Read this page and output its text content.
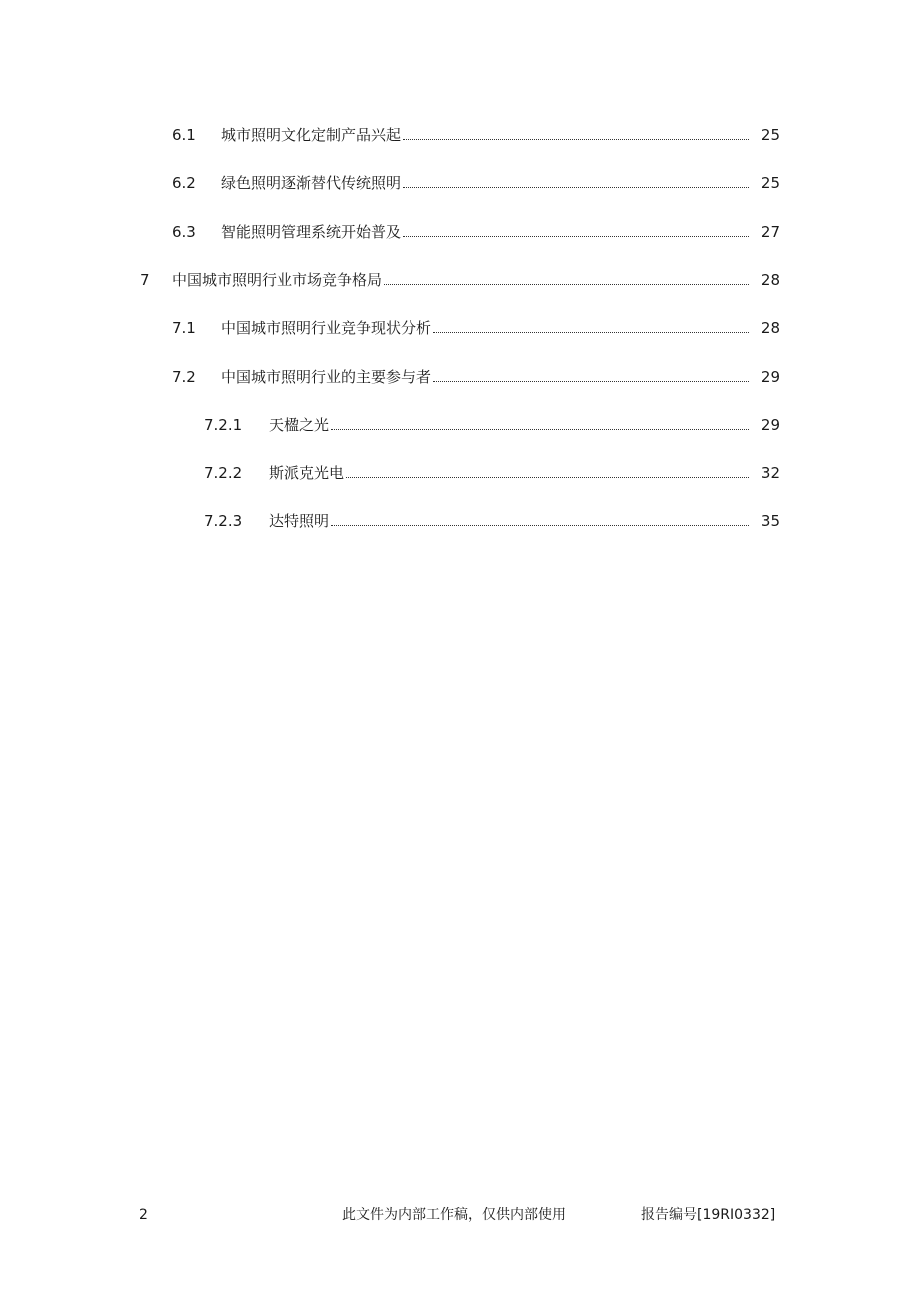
6.1 城市照明文化定制产品兴起	25
6.2 绿色照明逐渐替代传统照明	25
6.3 智能照明管理系统开始普及	27
7 中国城市照明行业市场竞争格局	28
7.1 中国城市照明行业竞争现状分析	28
7.2 中国城市照明行业的主要参与者	29
7.2.1 天楹之光	29
7.2.2 斯派克光电	32
7.2.3 达特照明	35
2	此文件为内部工作稿，仅供内部使用	报告编号[19RI0332]
